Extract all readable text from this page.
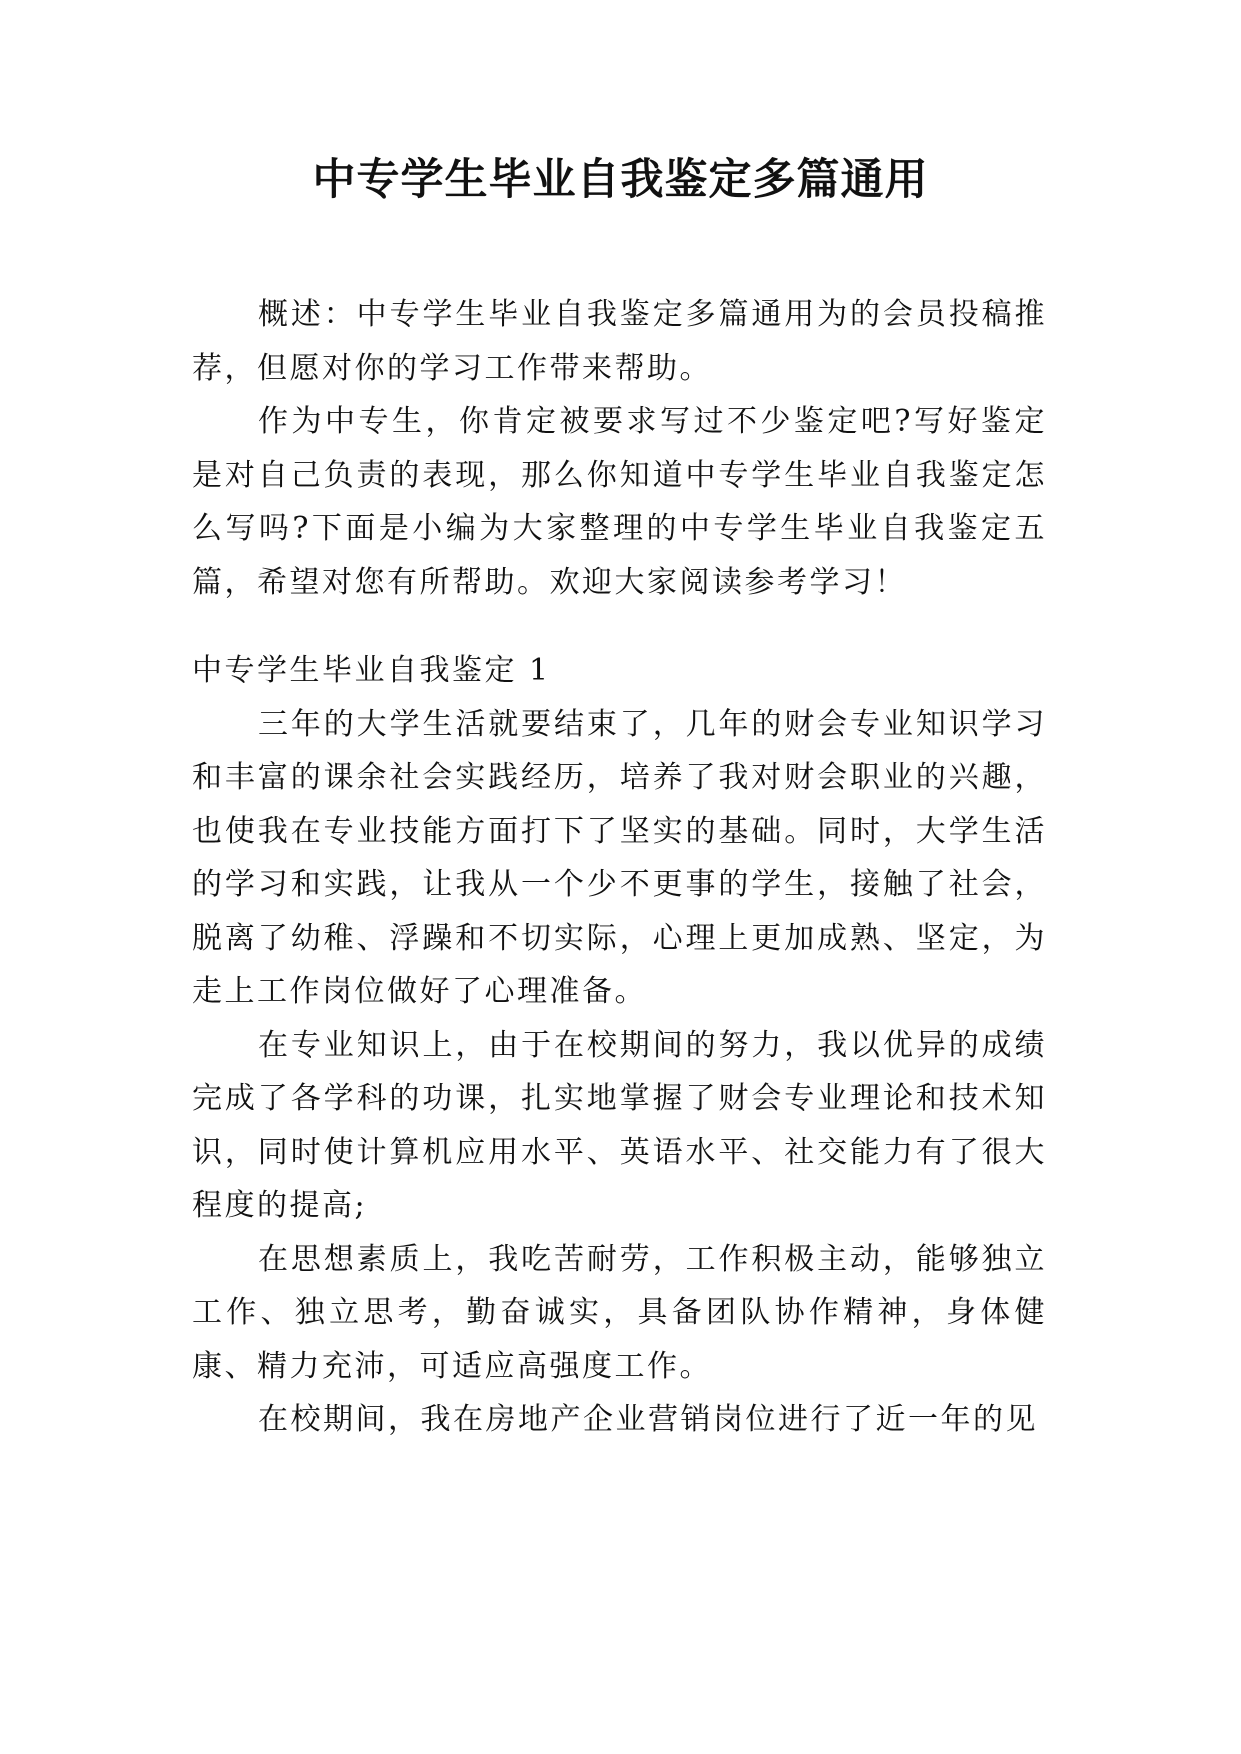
中专学生毕业自我鉴定多篇通用

概述：中专学生毕业自我鉴定多篇通用为的会员投稿推荐，但愿对你的学习工作带来帮助。

作为中专生，你肯定被要求写过不少鉴定吧?写好鉴定是对自己负责的表现，那么你知道中专学生毕业自我鉴定怎么写吗?下面是小编为大家整理的中专学生毕业自我鉴定五篇，希望对您有所帮助。欢迎大家阅读参考学习！

中专学生毕业自我鉴定 1

三年的大学生活就要结束了，几年的财会专业知识学习和丰富的课余社会实践经历，培养了我对财会职业的兴趣，也使我在专业技能方面打下了坚实的基础。同时，大学生活的学习和实践，让我从一个少不更事的学生，接触了社会，脱离了幼稚、浮躁和不切实际，心理上更加成熟、坚定，为走上工作岗位做好了心理准备。

在专业知识上，由于在校期间的努力，我以优异的成绩完成了各学科的功课，扎实地掌握了财会专业理论和技术知识，同时使计算机应用水平、英语水平、社交能力有了很大程度的提高;

在思想素质上，我吃苦耐劳，工作积极主动，能够独立工作、独立思考，勤奋诚实，具备团队协作精神，身体健康、精力充沛，可适应高强度工作。

在校期间，我在房地产企业营销岗位进行了近一年的见
